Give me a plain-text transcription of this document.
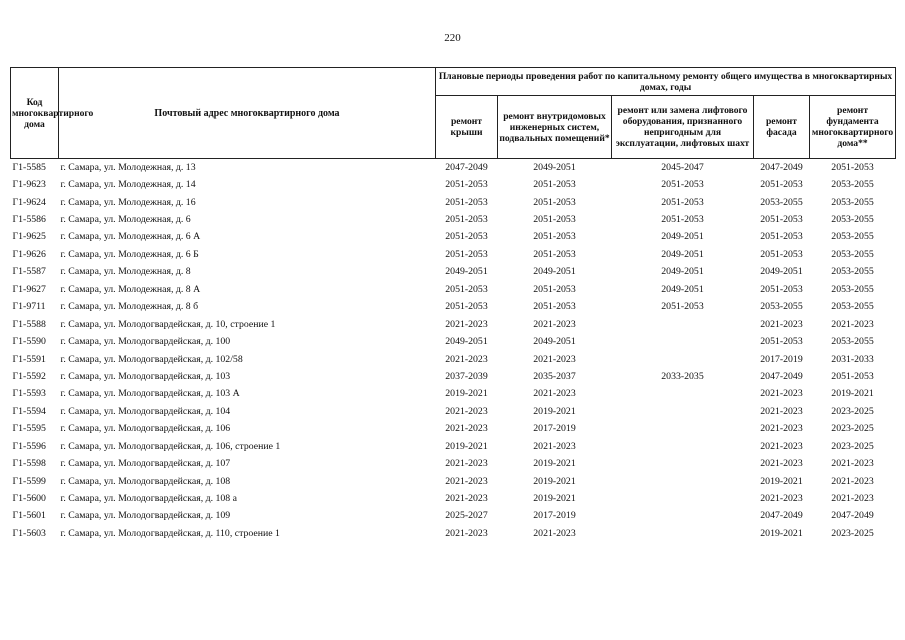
220
Код многоквартирного дома	Почтовый адрес многоквартирного дома	Плановые периоды проведения работ по капитальному ремонту общего имущества в многоквартирных домах, годы				
		ремонт крыши	ремонт внутридомовых инженерных систем, подвальных помещений*	ремонт или замена лифтового оборудования, признанного непригодным для эксплуатации, лифтовых шахт	ремонт фасада	ремонт фундамента многоквартирного дома**
Г1-5585	г. Самара, ул. Молодежная, д. 13	2047-2049	2049-2051	2045-2047	2047-2049	2051-2053
Г1-9623	г. Самара, ул. Молодежная, д. 14	2051-2053	2051-2053	2051-2053	2051-2053	2053-2055
Г1-9624	г. Самара, ул. Молодежная, д. 16	2051-2053	2051-2053	2051-2053	2053-2055	2053-2055
Г1-5586	г. Самара, ул. Молодежная, д. 6	2051-2053	2051-2053	2051-2053	2051-2053	2053-2055
Г1-9625	г. Самара, ул. Молодежная, д. 6 А	2051-2053	2051-2053	2049-2051	2051-2053	2053-2055
Г1-9626	г. Самара, ул. Молодежная, д. 6 Б	2051-2053	2051-2053	2049-2051	2051-2053	2053-2055
Г1-5587	г. Самара, ул. Молодежная, д. 8	2049-2051	2049-2051	2049-2051	2049-2051	2053-2055
Г1-9627	г. Самара, ул. Молодежная, д. 8 А	2051-2053	2051-2053	2049-2051	2051-2053	2053-2055
Г1-9711	г. Самара, ул. Молодежная, д. 8 б	2051-2053	2051-2053	2051-2053	2053-2055	2053-2055
Г1-5588	г. Самара, ул. Молодогвардейская, д. 10, строение 1	2021-2023	2021-2023		2021-2023	2021-2023
Г1-5590	г. Самара, ул. Молодогвардейская, д. 100	2049-2051	2049-2051		2051-2053	2053-2055
Г1-5591	г. Самара, ул. Молодогвардейская, д. 102/58	2021-2023	2021-2023		2017-2019	2031-2033
Г1-5592	г. Самара, ул. Молодогвардейская, д. 103	2037-2039	2035-2037	2033-2035	2047-2049	2051-2053
Г1-5593	г. Самара, ул. Молодогвардейская, д. 103 А	2019-2021	2021-2023		2021-2023	2019-2021
Г1-5594	г. Самара, ул. Молодогвардейская, д. 104	2021-2023	2019-2021		2021-2023	2023-2025
Г1-5595	г. Самара, ул. Молодогвардейская, д. 106	2021-2023	2017-2019		2021-2023	2023-2025
Г1-5596	г. Самара, ул. Молодогвардейская, д. 106, строение 1	2019-2021	2021-2023		2021-2023	2023-2025
Г1-5598	г. Самара, ул. Молодогвардейская, д. 107	2021-2023	2019-2021		2021-2023	2021-2023
Г1-5599	г. Самара, ул. Молодогвардейская, д. 108	2021-2023	2019-2021		2019-2021	2021-2023
Г1-5600	г. Самара, ул. Молодогвардейская, д. 108 а	2021-2023	2019-2021		2021-2023	2021-2023
Г1-5601	г. Самара, ул. Молодогвардейская, д. 109	2025-2027	2017-2019		2047-2049	2047-2049
Г1-5603	г. Самара, ул. Молодогвардейская, д. 110, строение 1	2021-2023	2021-2023		2019-2021	2023-2025
